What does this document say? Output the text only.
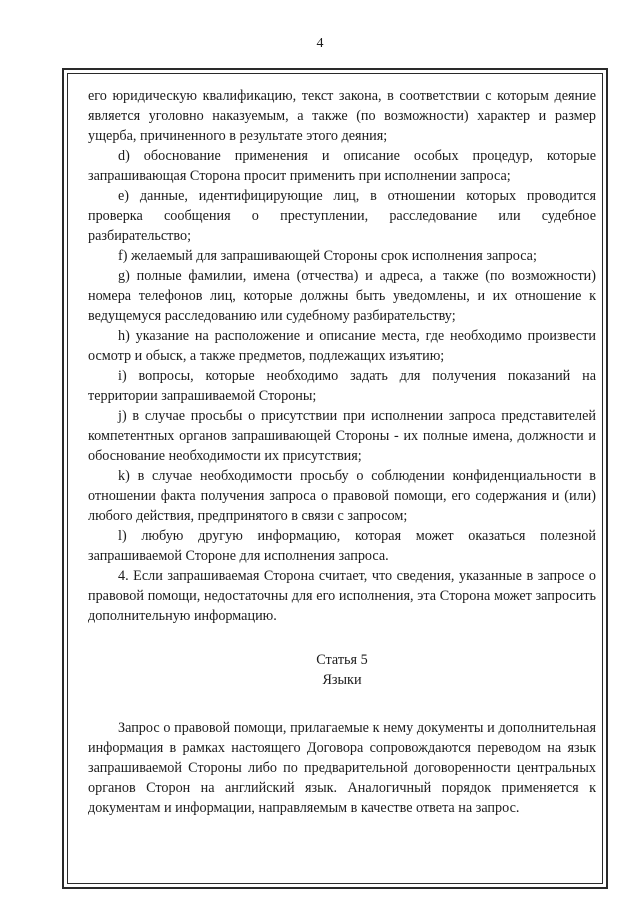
4

его юридическую квалификацию, текст закона, в соответствии с которым деяние является уголовно наказуемым, а также (по возможности) характер и размер ущерба, причиненного в результате этого деяния;

d) обоснование применения и описание особых процедур, которые запрашивающая Сторона просит применить при исполнении запроса;

e) данные, идентифицирующие лиц, в отношении которых проводится проверка сообщения о преступлении, расследование или судебное разбирательство;

f) желаемый для запрашивающей Стороны срок исполнения запроса;

g) полные фамилии, имена (отчества) и адреса, а также (по возможности) номера телефонов лиц, которые должны быть уведомлены, и их отношение к ведущемуся расследованию или судебному разбирательству;

h) указание на расположение и описание места, где необходимо произвести осмотр и обыск, а также предметов, подлежащих изъятию;

i) вопросы, которые необходимо задать для получения показаний на территории запрашиваемой Стороны;

j) в случае просьбы о присутствии при исполнении запроса представителей компетентных органов запрашивающей Стороны - их полные имена, должности и обоснование необходимости их присутствия;

k) в случае необходимости просьбу о соблюдении конфиденциальности в отношении факта получения запроса о правовой помощи, его содержания и (или) любого действия, предпринятого в связи с запросом;

l) любую другую информацию, которая может оказаться полезной запрашиваемой Стороне для исполнения запроса.

4. Если запрашиваемая Сторона считает, что сведения, указанные в запросе о правовой помощи, недостаточны для его исполнения, эта Сторона может запросить дополнительную информацию.

Статья 5
Языки

Запрос о правовой помощи, прилагаемые к нему документы и дополнительная информация в рамках настоящего Договора сопровождаются переводом на язык запрашиваемой Стороны либо по предварительной договоренности центральных органов Сторон на английский язык. Аналогичный порядок применяется к документам и информации, направляемым в качестве ответа на запрос.
